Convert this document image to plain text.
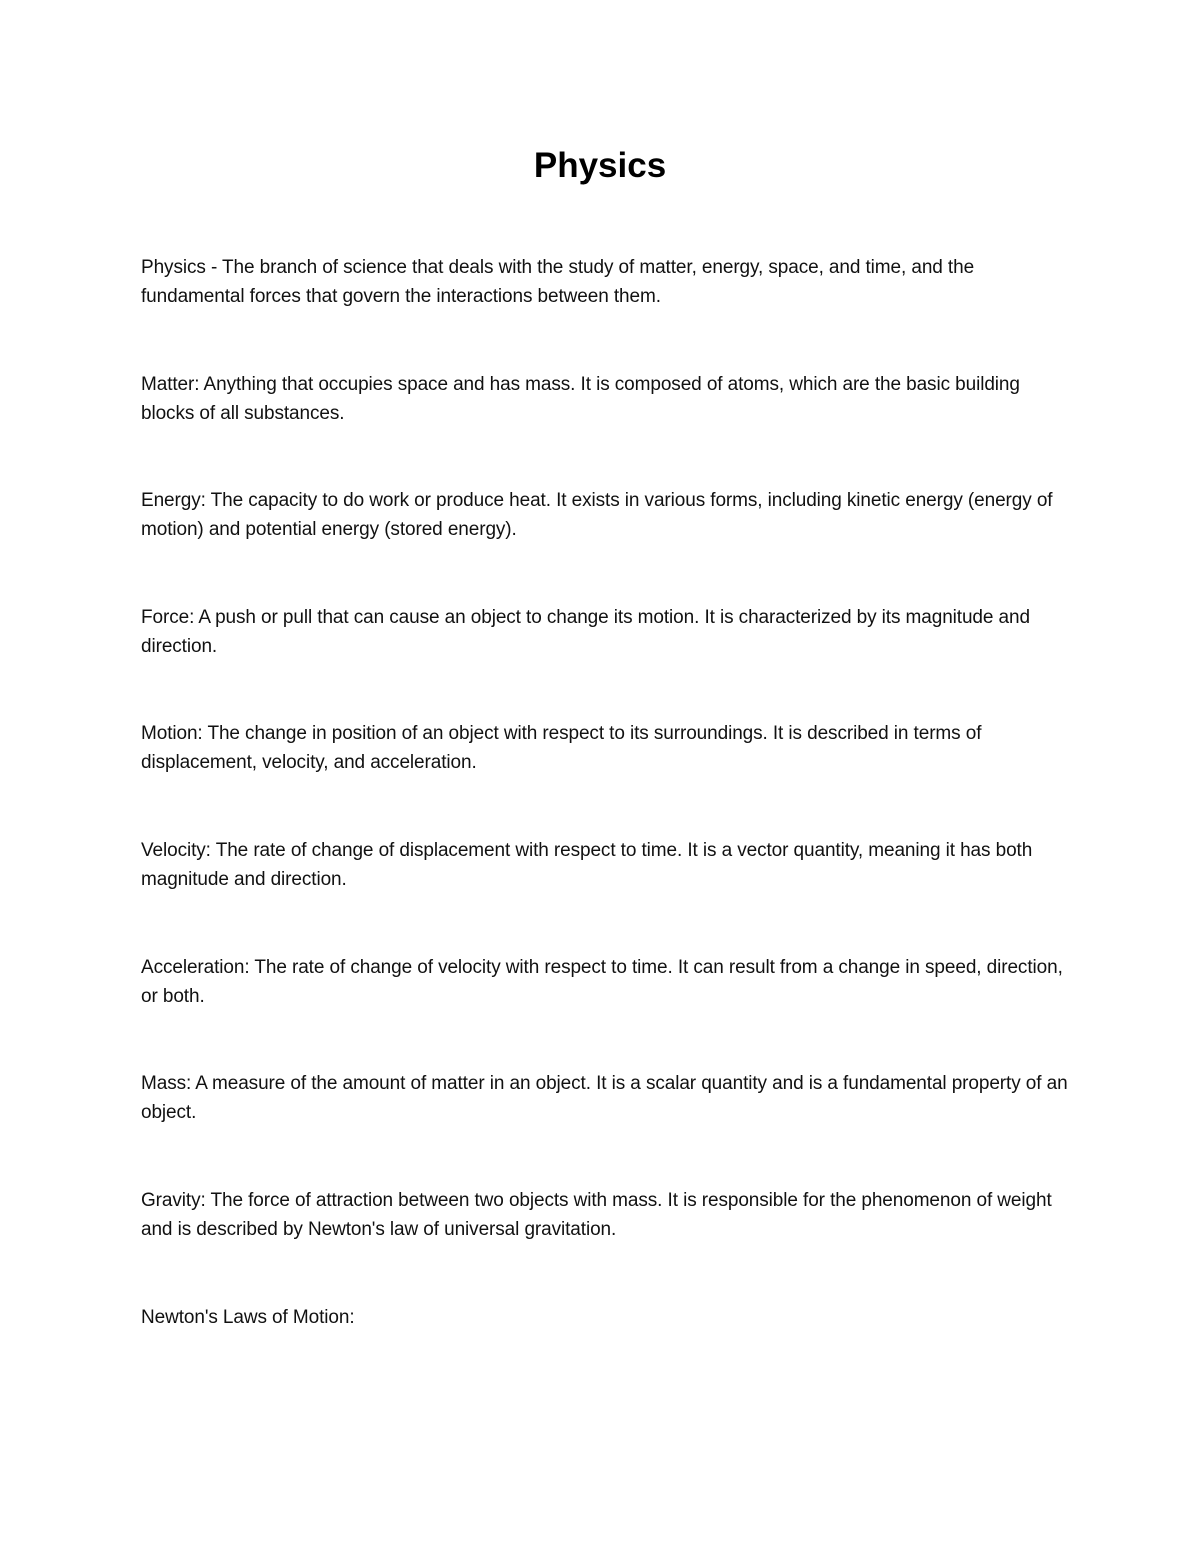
Physics

Physics - The branch of science that deals with the study of matter, energy, space, and time, and the fundamental forces that govern the interactions between them.

Matter: Anything that occupies space and has mass. It is composed of atoms, which are the basic building blocks of all substances.

Energy: The capacity to do work or produce heat. It exists in various forms, including kinetic energy (energy of motion) and potential energy (stored energy).

Force: A push or pull that can cause an object to change its motion. It is characterized by its magnitude and direction.

Motion: The change in position of an object with respect to its surroundings. It is described in terms of displacement, velocity, and acceleration.

Velocity: The rate of change of displacement with respect to time. It is a vector quantity, meaning it has both magnitude and direction.

Acceleration: The rate of change of velocity with respect to time. It can result from a change in speed, direction, or both.

Mass: A measure of the amount of matter in an object. It is a scalar quantity and is a fundamental property of an object.

Gravity: The force of attraction between two objects with mass. It is responsible for the phenomenon of weight and is described by Newton's law of universal gravitation.

Newton's Laws of Motion:
